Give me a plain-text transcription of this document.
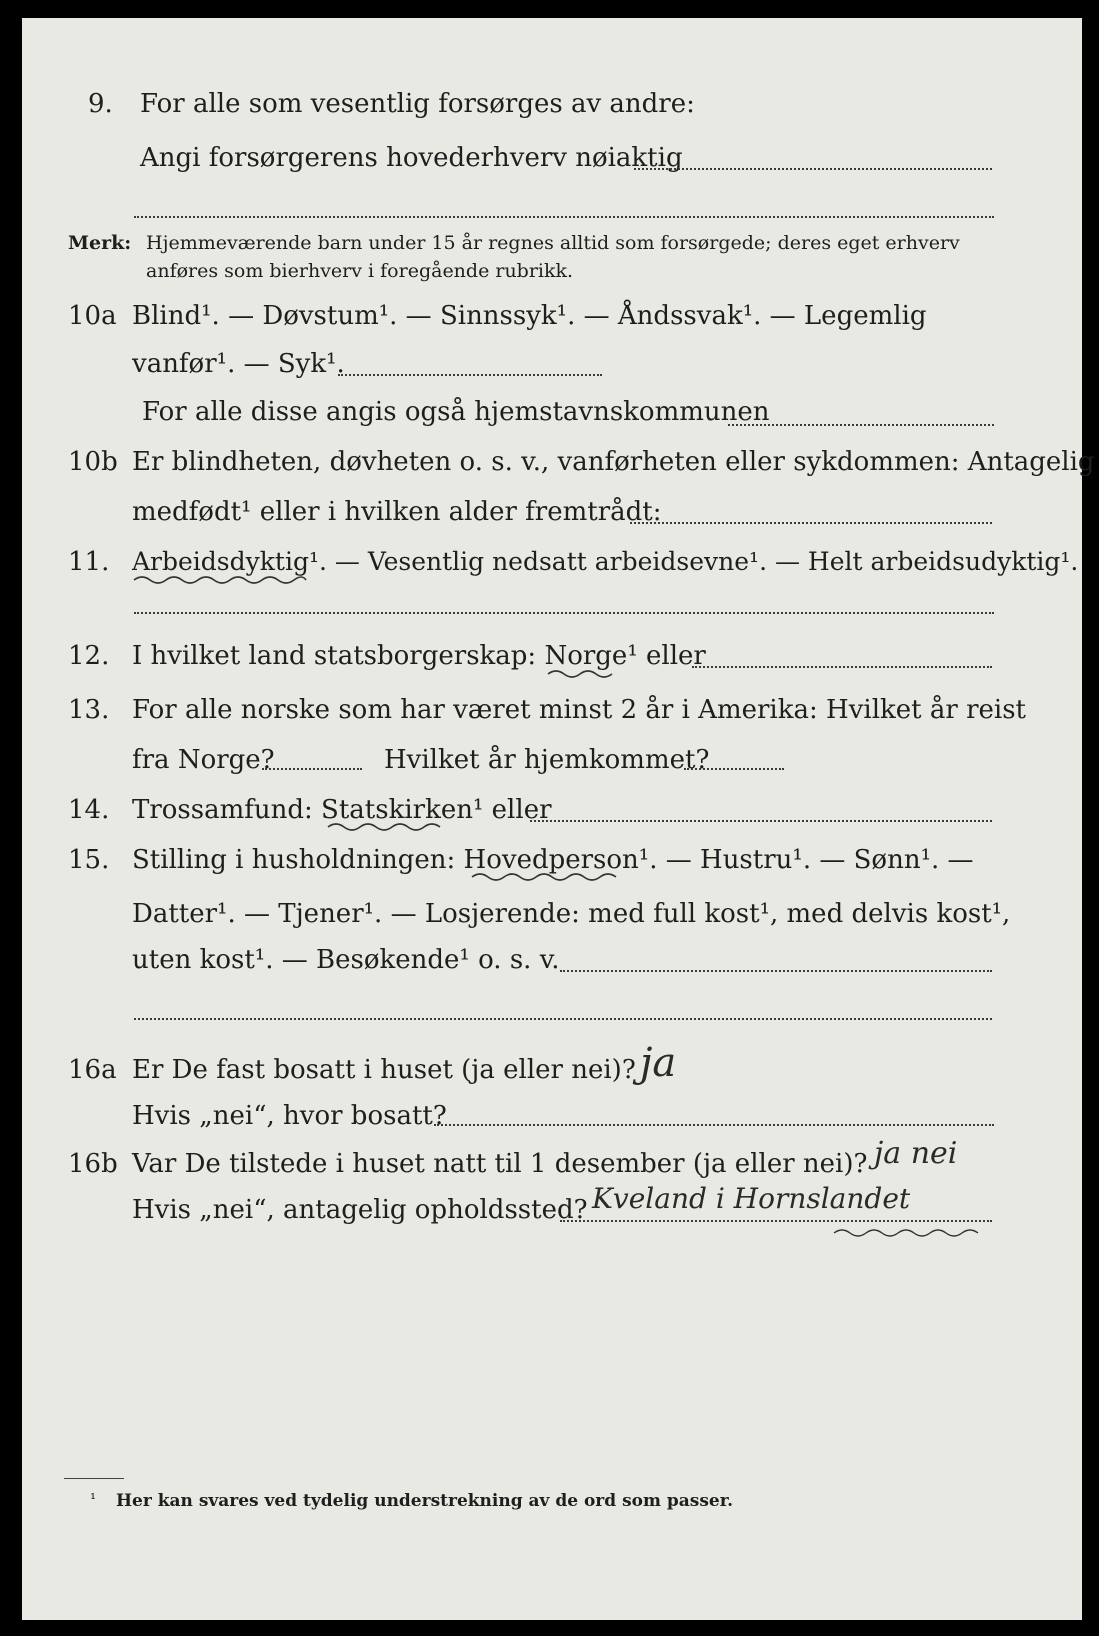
9. For alle som vesentlig forsørges av andre:
Angi forsørgerens hovederhverv nøiaktig
Merk: Hjemmeværende barn under 15 år regnes alltid som forsørgede; deres eget erhverv
anføres som bierhverv i foregående rubrikk.
10a Blind¹. — Døvstum¹. — Sinnssyk¹. — Åndssvak¹. — Legemlig
vanfør¹. — Syk¹.
For alle disse angis også hjemstavnskommunen
10b Er blindheten, døvheten o. s. v., vanførheten eller sykdommen: Antagelig
medfødt¹ eller i hvilken alder fremtrådt:
11. Arbeidsdyktig¹. — Vesentlig nedsatt arbeidsevne¹. — Helt arbeidsudyktig¹.
12. I hvilket land statsborgerskap: Norge¹ eller
13. For alle norske som har været minst 2 år i Amerika: Hvilket år reist
fra Norge?	Hvilket år hjemkommet?
14. Trossamfund: Statskirken¹ eller
15. Stilling i husholdningen: Hovedperson¹. — Hustru¹. — Sønn¹. —
Datter¹. — Tjener¹. — Losjerende: med full kost¹, med delvis kost¹,
uten kost¹. — Besøkende¹ o. s. v.
16a Er De fast bosatt i huset (ja eller nei)? ja
Hvis „nei“, hvor bosatt?
16b Var De tilstede i huset natt til 1 desember (ja eller nei)? ja nei
Hvis „nei“, antagelig opholdssted? Kveland i Hornslandet
¹ Her kan svares ved tydelig understrekning av de ord som passer.
